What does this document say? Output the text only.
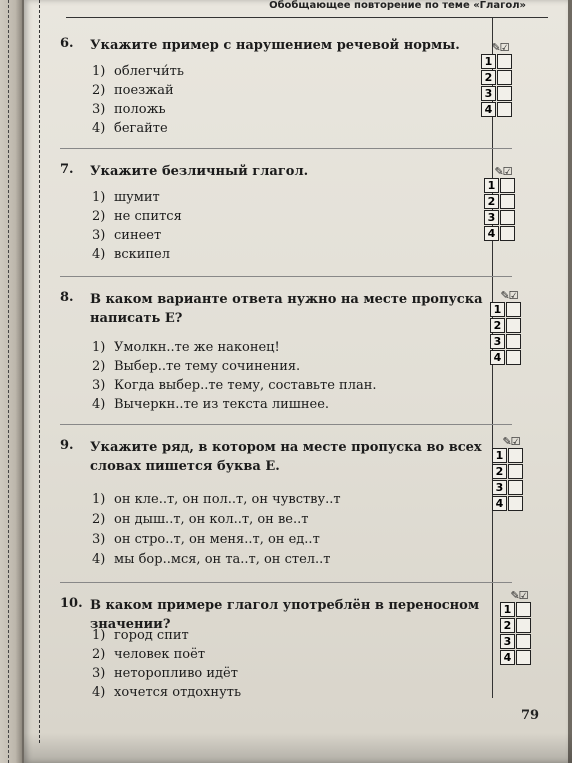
Обобщающее повторение по теме «Глагол»
6. Укажите пример с нарушением речевой нормы.
1) облегчи́ть
2) поезжай
3) положь
4) бегайте
✎☑
1
2
3
4
7. Укажите безличный глагол.
1) шумит
2) не спится
3) синеет
4) вскипел
✎☑
1
2
3
4
8. В каком варианте ответа нужно на месте пропуска написать Е?
1) Умолкн..те же наконец!
2) Выбер..те тему сочинения.
3) Когда выбер..те тему, составьте план.
4) Вычеркн..те из текста лишнее.
✎☑
1
2
3
4
9. Укажите ряд, в котором на месте пропуска во всех словах пишется буква Е.
1) он кле..т, он пол..т, он чувству..т
2) он дыш..т, он кол..т, он ве..т
3) он стро..т, он меня..т, он ед..т
4) мы бор..мся, он та..т, он стел..т
✎☑
1
2
3
4
10. В каком примере глагол употреблён в переносном значении?
1) город спит
2) человек поёт
3) неторопливо идёт
4) хочется отдохнуть
✎☑
1
2
3
4
79
